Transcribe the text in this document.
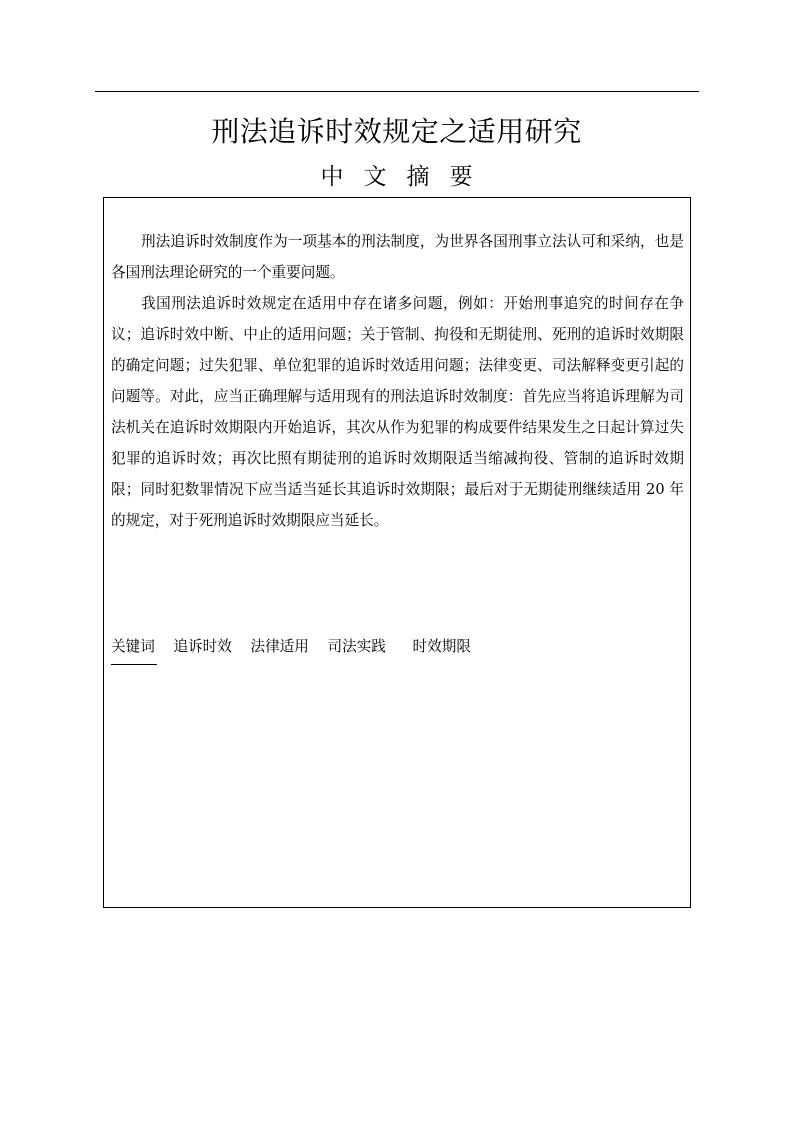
刑法追诉时效规定之适用研究
中文摘要

刑法追诉时效制度作为一项基本的刑法制度，为世界各国刑事立法认可和采纳，也是各国刑法理论研究的一个重要问题。

我国刑法追诉时效规定在适用中存在诸多问题，例如：开始刑事追究的时间存在争议；追诉时效中断、中止的适用问题；关于管制、拘役和无期徒刑、死刑的追诉时效期限的确定问题；过失犯罪、单位犯罪的追诉时效适用问题；法律变更、司法解释变更引起的问题等。对此，应当正确理解与适用现有的刑法追诉时效制度：首先应当将追诉理解为司法机关在追诉时效期限内开始追诉，其次从作为犯罪的构成要件结果发生之日起计算过失犯罪的追诉时效；再次比照有期徒刑的追诉时效期限适当缩减拘役、管制的追诉时效期限；同时犯数罪情况下应当适当延长其追诉时效期限；最后对于无期徒刑继续适用 20 年的规定，对于死刑追诉时效期限应当延长。

关键词 追诉时效 法律适用 司法实践 时效期限
